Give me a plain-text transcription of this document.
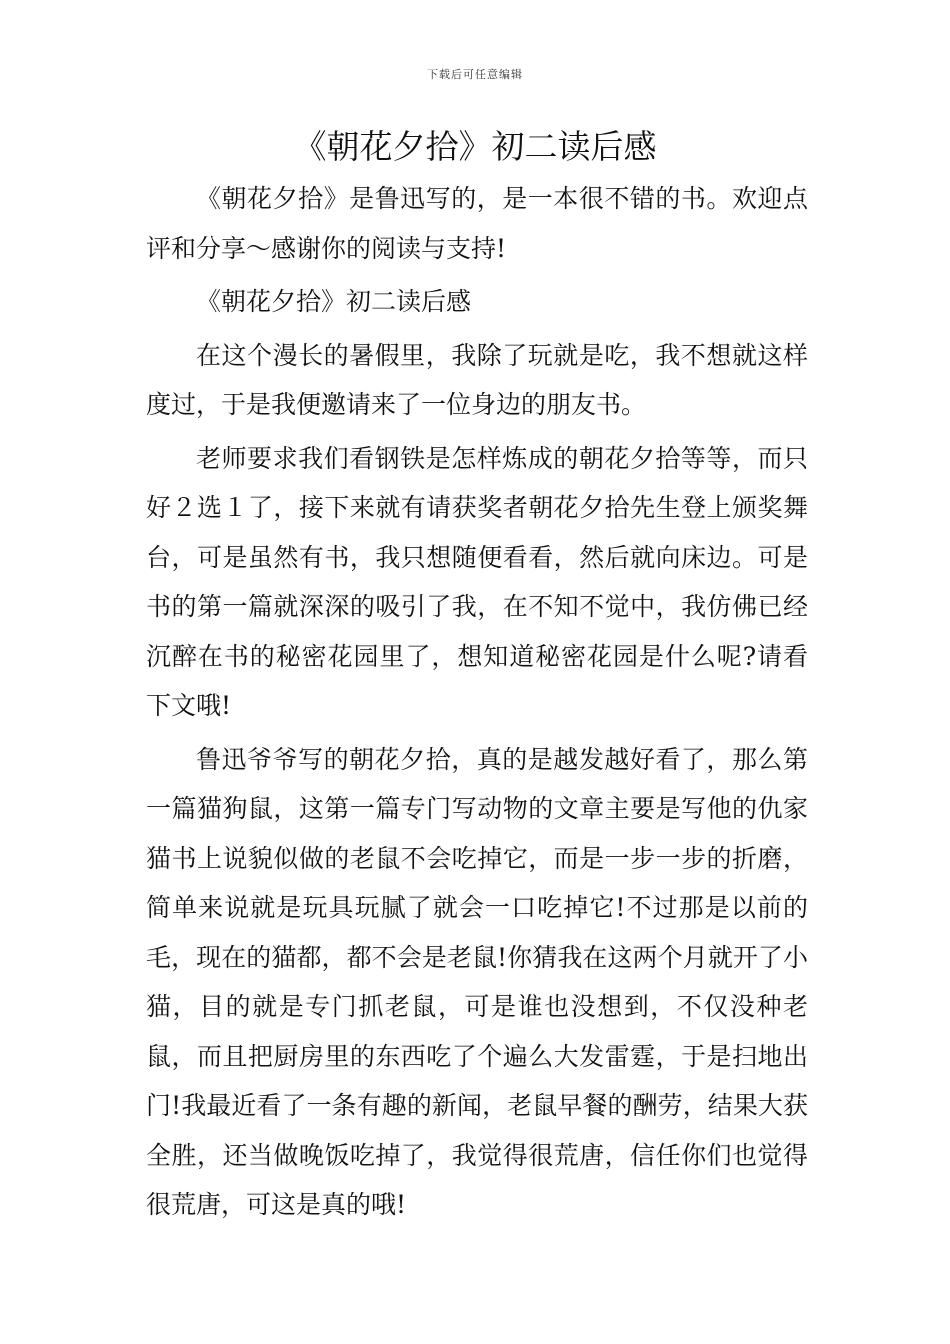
下载后可任意编辑
《朝花夕拾》初二读后感

《朝花夕拾》是鲁迅写的，是一本很不错的书。欢迎点评和分享～感谢你的阅读与支持!

《朝花夕拾》初二读后感

在这个漫长的暑假里，我除了玩就是吃，我不想就这样度过，于是我便邀请来了一位身边的朋友书。

老师要求我们看钢铁是怎样炼成的朝花夕拾等等，而只好２选１了，接下来就有请获奖者朝花夕拾先生登上颁奖舞台，可是虽然有书，我只想随便看看，然后就向床边。可是书的第一篇就深深的吸引了我，在不知不觉中，我仿佛已经沉醉在书的秘密花园里了，想知道秘密花园是什么呢?请看下文哦!

鲁迅爷爷写的朝花夕拾，真的是越发越好看了，那么第一篇猫狗鼠，这第一篇专门写动物的文章主要是写他的仇家猫书上说貌似做的老鼠不会吃掉它，而是一步一步的折磨，简单来说就是玩具玩腻了就会一口吃掉它!不过那是以前的毛，现在的猫都，都不会是老鼠!你猜我在这两个月就开了小猫，目的就是专门抓老鼠，可是谁也没想到，不仅没种老鼠，而且把厨房里的东西吃了个遍么大发雷霆，于是扫地出门!我最近看了一条有趣的新闻，老鼠早餐的酬劳，结果大获全胜，还当做晚饭吃掉了，我觉得很荒唐，信任你们也觉得很荒唐，可这是真的哦!
